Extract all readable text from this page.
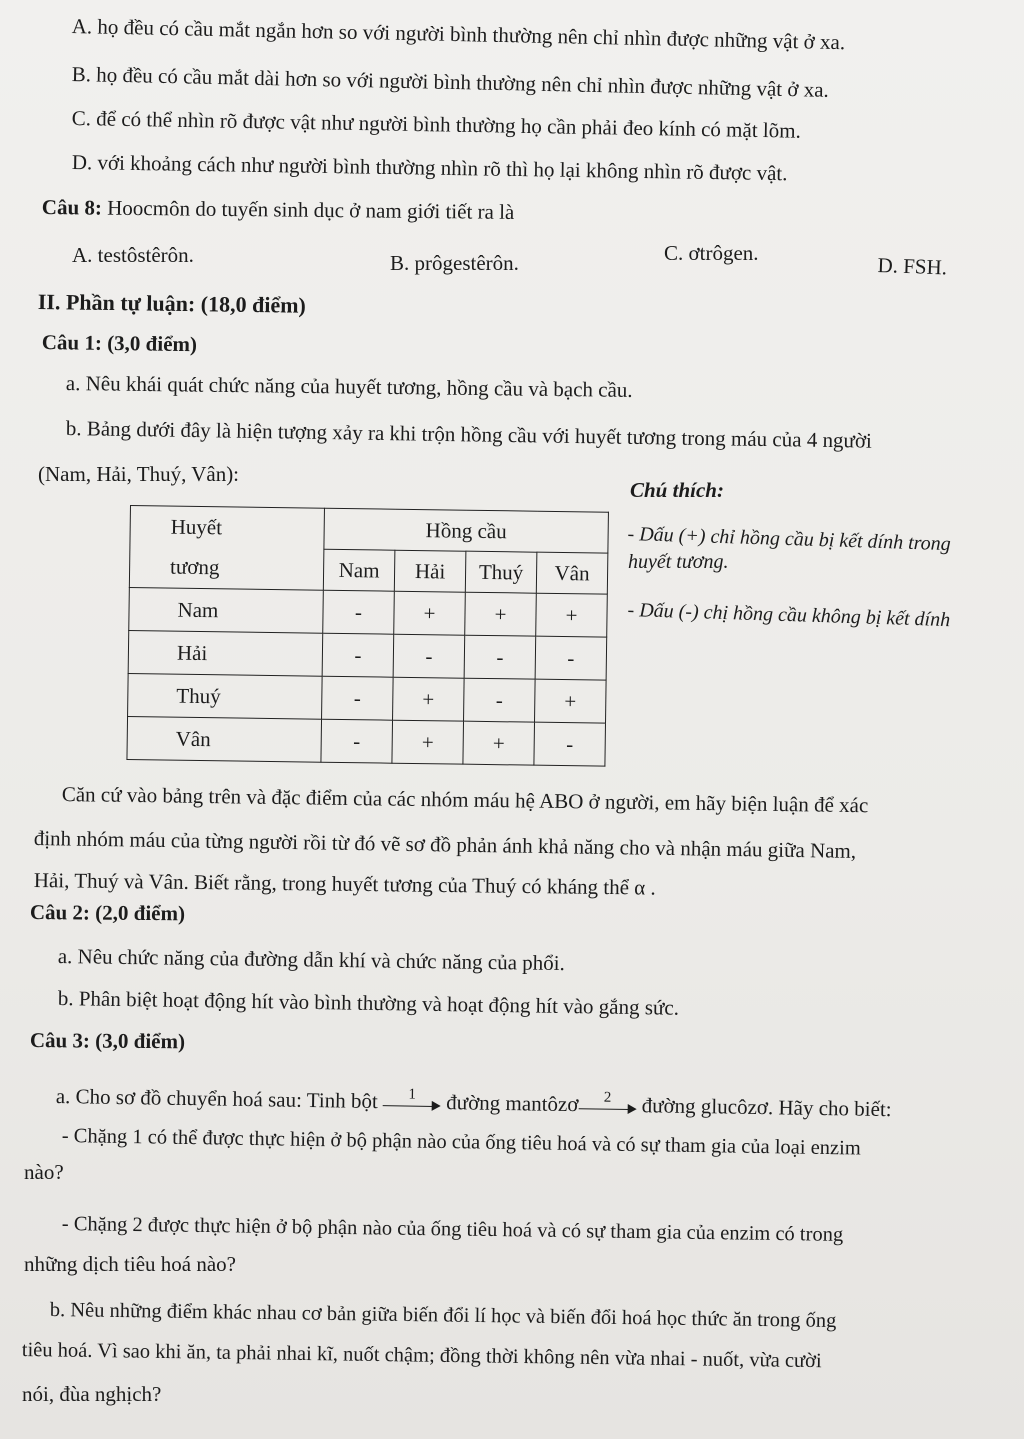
A. họ đều có cầu mắt ngắn hơn so với người bình thường nên chỉ nhìn được những vật ở xa.
B. họ đều có cầu mắt dài hơn so với người bình thường nên chỉ nhìn được những vật ở xa.
C. để có thể nhìn rõ được vật như người bình thường họ cần phải đeo kính có mặt lõm.
D. với khoảng cách như người bình thường nhìn rõ thì họ lại không nhìn rõ được vật.
Câu 8: Hoocmôn do tuyến sinh dục ở nam giới tiết ra là
A. testôstêrôn.	B. prôgestêrôn.	C. ơtrôgen.	D. FSH.
II. Phần tự luận: (18,0 điểm)
Câu 1: (3,0 điểm)
a. Nêu khái quát chức năng của huyết tương, hồng cầu và bạch cầu.
b. Bảng dưới đây là hiện tượng xảy ra khi trộn hồng cầu với huyết tương trong máu của 4 người
(Nam, Hải, Thuý, Vân):
Chú thích:
- Dấu (+) chỉ hồng cầu bị kết dính trong
huyết tương.
- Dấu (-) chị hồng cầu không bị kết dính
Huyết
tương	Hồng cầu			
	Nam	Hải	Thuý	Vân
Nam	-	+	+	+
Hải	-	-	-	-
Thuý	-	+	-	+
Vân	-	+	+	-
Căn cứ vào bảng trên và đặc điểm của các nhóm máu hệ ABO ở người, em hãy biện luận để xác
định nhóm máu của từng người rồi từ đó vẽ sơ đồ phản ánh khả năng cho và nhận máu giữa Nam,
Hải, Thuý và Vân. Biết rằng, trong huyết tương của Thuý có kháng thể α .
Câu 2: (2,0 điểm)
a. Nêu chức năng của đường dẫn khí và chức năng của phổi.
b. Phân biệt hoạt động hít vào bình thường và hoạt động hít vào gắng sức.
Câu 3: (3,0 điểm)
a. Cho sơ đồ chuyển hoá sau: Tinh bột	1	đường mantôzơ	2	đường glucôzơ. Hãy cho biết:
- Chặng 1 có thể được thực hiện ở bộ phận nào của ống tiêu hoá và có sự tham gia của loại enzim
nào?
- Chặng 2 được thực hiện ở bộ phận nào của ống tiêu hoá và có sự tham gia của enzim có trong
những dịch tiêu hoá nào?
b. Nêu những điểm khác nhau cơ bản giữa biến đổi lí học và biến đổi hoá học thức ăn trong ống
tiêu hoá. Vì sao khi ăn, ta phải nhai kĩ, nuốt chậm; đồng thời không nên vừa nhai - nuốt, vừa cười
nói, đùa nghịch?
